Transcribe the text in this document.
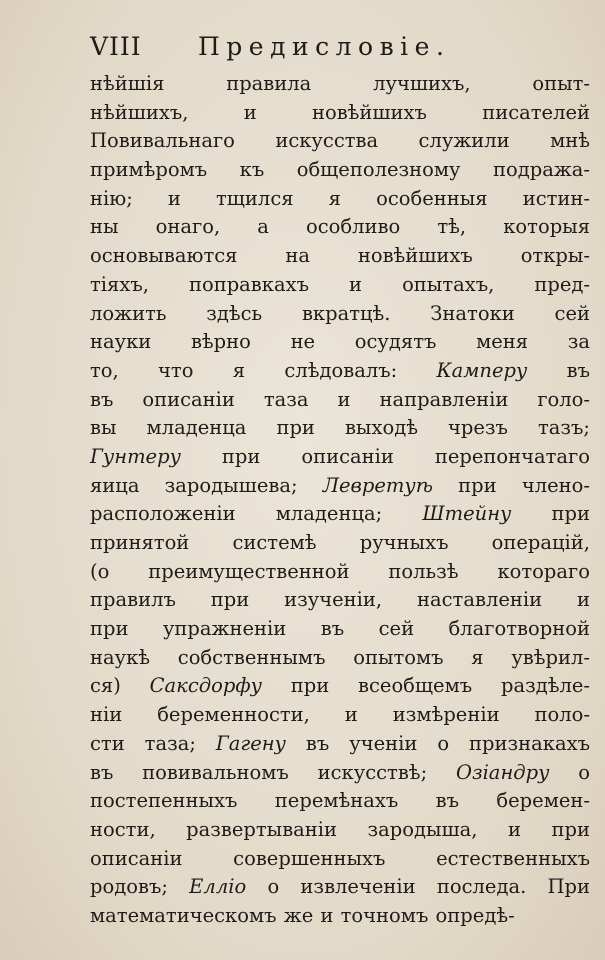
VIII Предисловіе.
нѣйшія правила лучшихъ, опыт-
нѣйшихъ, и новѣйшихъ писателей
Повивальнаго искусства служили мнѣ
примѣромъ къ общеполезному подража-
нію; и тщился я особенныя истин-
ны онаго, а особливо тѣ, которыя
основываются на новѣйшихъ откры-
тіяхъ, поправкахъ и опытахъ, пред-
ложить здѣсь вкратцѣ. Знатоки сей
науки вѣрно не осудятъ меня за
то, что я слѣдовалъ: Камперу въ
въ описаніи таза и направленіи голо-
вы младенца при выходѣ чрезъ тазъ;
Гунтеру при описаніи перепончатаго
яица зародышева; Левретуѣ при члено-
расположеніи младенца; Штейну при
принятой системѣ ручныхъ операцій,
(о преимущественной пользѣ котораго
правилъ при изученіи, наставленіи и
при упражненіи въ сей благотворной
наукѣ собственнымъ опытомъ я увѣрил-
ся) Саксдорфу при всеобщемъ раздѣле-
ніи беременности, и измѣреніи поло-
сти таза; Гагену въ ученіи о признакахъ
въ повивальномъ искусствѣ; Озіандру о
постепенныхъ перемѣнахъ въ беремен-
ности, развертываніи зародыша, и при
описаніи совершенныхъ естественныхъ
родовъ; Елліо о извлеченіи последа. При
математическомъ же и точномъ опредѣ-
